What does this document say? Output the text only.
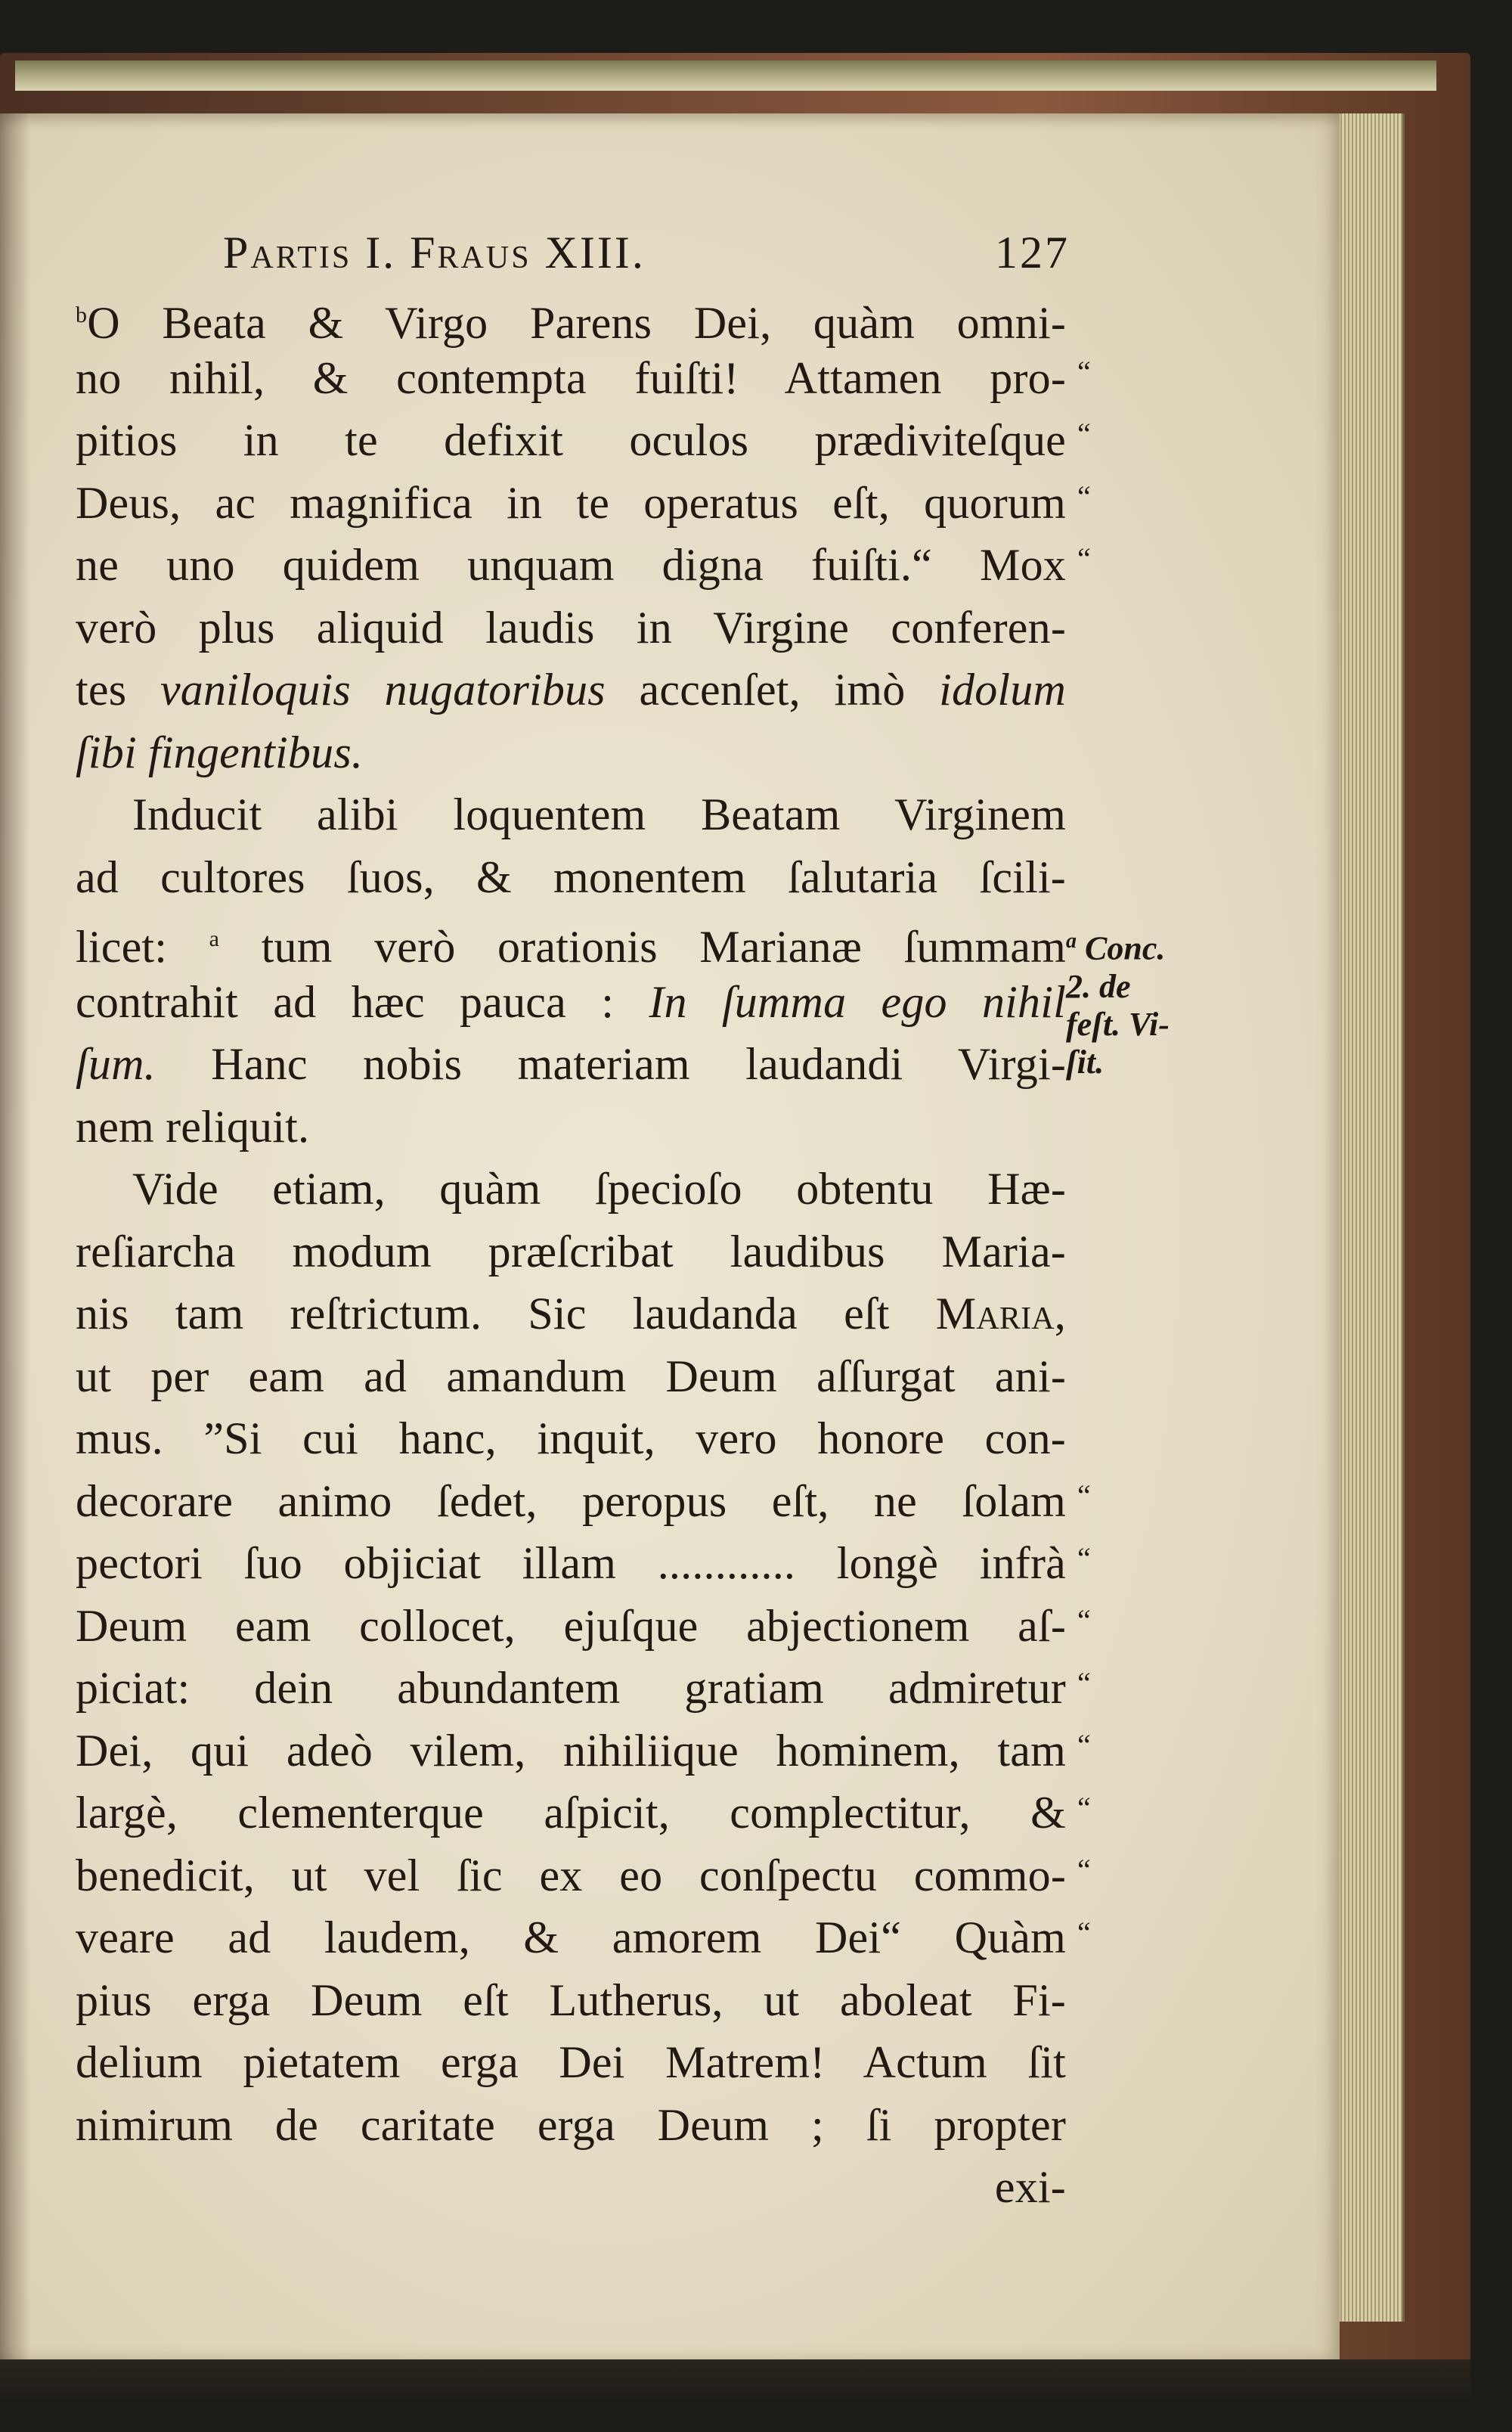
Partis I. Fraus XIII.	127
$^b$O Beata & Virgo Parens Dei, quàm omni-
no nihil, & contempta fuiſti! Attamen pro-
pitios in te defixit oculos prædiviteſque
Deus, ac magnifica in te operatus eſt, quorum
ne uno quidem unquam digna fuiſti.“ Mox
verò plus aliquid laudis in Virgine conferen-
tes vaniloquis nugatoribus accenſet, imò idolum
ſibi fingentibus.
Inducit alibi loquentem Beatam Virginem
ad cultores ſuos, & monentem ſalutaria ſcili-
licet: $^a$ tum verò orationis Marianæ ſummam
contrahit ad hæc pauca : In ſumma ego nihil
ſum. Hanc nobis materiam laudandi Virgi-
nem reliquit.
Vide etiam, quàm ſpecioſo obtentu Hæ-
reſiarcha modum præſcribat laudibus Maria-
nis tam reſtrictum. Sic laudanda eſt Maria,
ut per eam ad amandum Deum aſſurgat ani-
mus. ”Si cui hanc, inquit, vero honore con-
decorare animo ſedet, peropus eſt, ne ſolam
pectori ſuo objiciat illam ............ longè infrà
Deum eam collocet, ejuſque abjectionem aſ-
piciat: dein abundantem gratiam admiretur
Dei, qui adeò vilem, nihiliique hominem, tam
largè, clementerque aſpicit, complectitur, &
benedicit, ut vel ſic ex eo conſpectu commo-
veare ad laudem, & amorem Dei“ Quàm
pius erga Deum eſt Lutherus, ut aboleat Fi-
delium pietatem erga Dei Matrem! Actum ſit
nimirum de caritate erga Deum ; ſi propter
exi-
“
“
“
“
“
“
“
“
“
“
“
“
$^a$ Conc.
2. de
feſt. Vi-
ſit.
